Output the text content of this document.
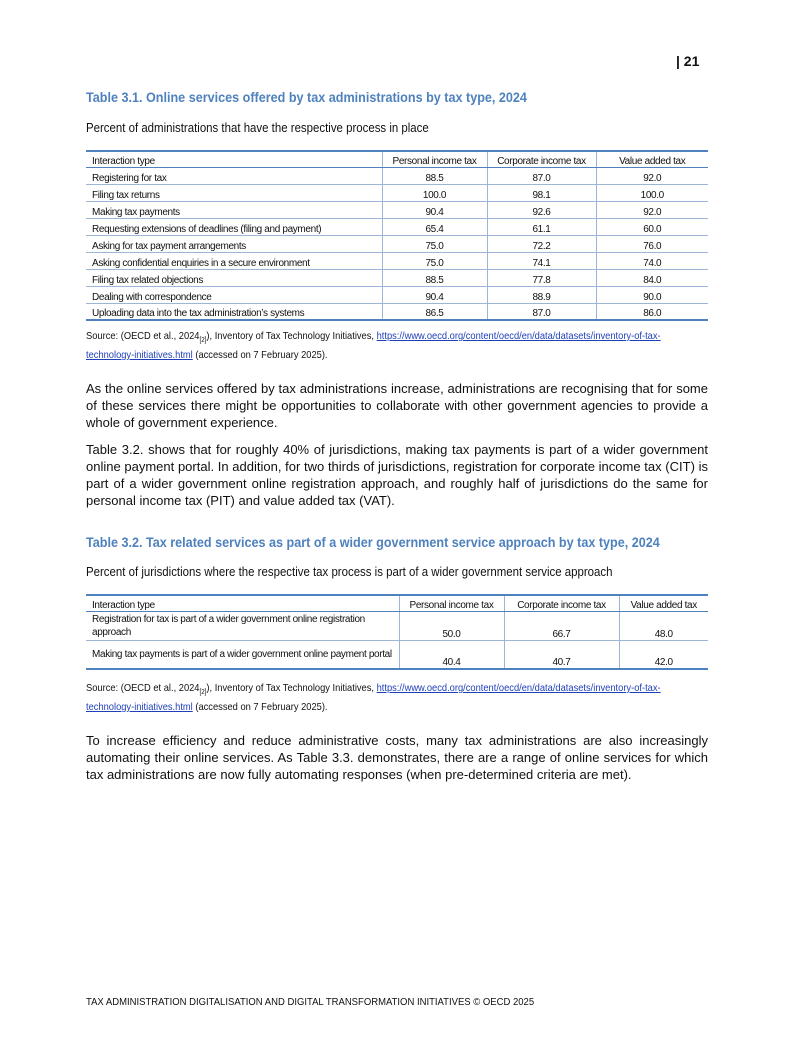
| 21
Table 3.1. Online services offered by tax administrations by tax type, 2024
Percent of administrations that have the respective process in place
Interaction type	Personal income tax	Corporate income tax	Value added tax
Registering for tax	88.5	87.0	92.0
Filing tax returns	100.0	98.1	100.0
Making tax payments	90.4	92.6	92.0
Requesting extensions of deadlines (filing and payment)	65.4	61.1	60.0
Asking for tax payment arrangements	75.0	72.2	76.0
Asking confidential enquiries in a secure environment	75.0	74.1	74.0
Filing tax related objections	88.5	77.8	84.0
Dealing with correspondence	90.4	88.9	90.0
Uploading data into the tax administration’s systems	86.5	87.0	86.0
Source: (OECD et al., $2024_{[2]}$), Inventory of Tax Technology Initiatives, https://www.oecd.org/content/oecd/en/data/datasets/inventory-of-tax-technology-initiatives.html (accessed on 7 February 2025).

As the online services offered by tax administrations increase, administrations are recognising that for some of these services there might be opportunities to collaborate with other government agencies to provide a whole of government experience.

Table 3.2. shows that for roughly 40% of jurisdictions, making tax payments is part of a wider government online payment portal. In addition, for two thirds of jurisdictions, registration for corporate income tax (CIT) is part of a wider government online registration approach, and roughly half of jurisdictions do the same for personal income tax (PIT) and value added tax (VAT).

Table 3.2. Tax related services as part of a wider government service approach by tax type, 2024
Percent of jurisdictions where the respective tax process is part of a wider government service approach
Interaction type	Personal income tax	Corporate income tax	Value added tax
Registration for tax is part of a wider government online registration approach	50.0	66.7	48.0
Making tax payments is part of a wider government online payment portal	40.4	40.7	42.0
Source: (OECD et al., $2024_{[2]}$), Inventory of Tax Technology Initiatives, https://www.oecd.org/content/oecd/en/data/datasets/inventory-of-tax-technology-initiatives.html (accessed on 7 February 2025).

To increase efficiency and reduce administrative costs, many tax administrations are also increasingly automating their online services. As Table 3.3. demonstrates, there are a range of online services for which tax administrations are now fully automating responses (when pre-determined criteria are met).

TAX ADMINISTRATION DIGITALISATION AND DIGITAL TRANSFORMATION INITIATIVES © OECD 2025
